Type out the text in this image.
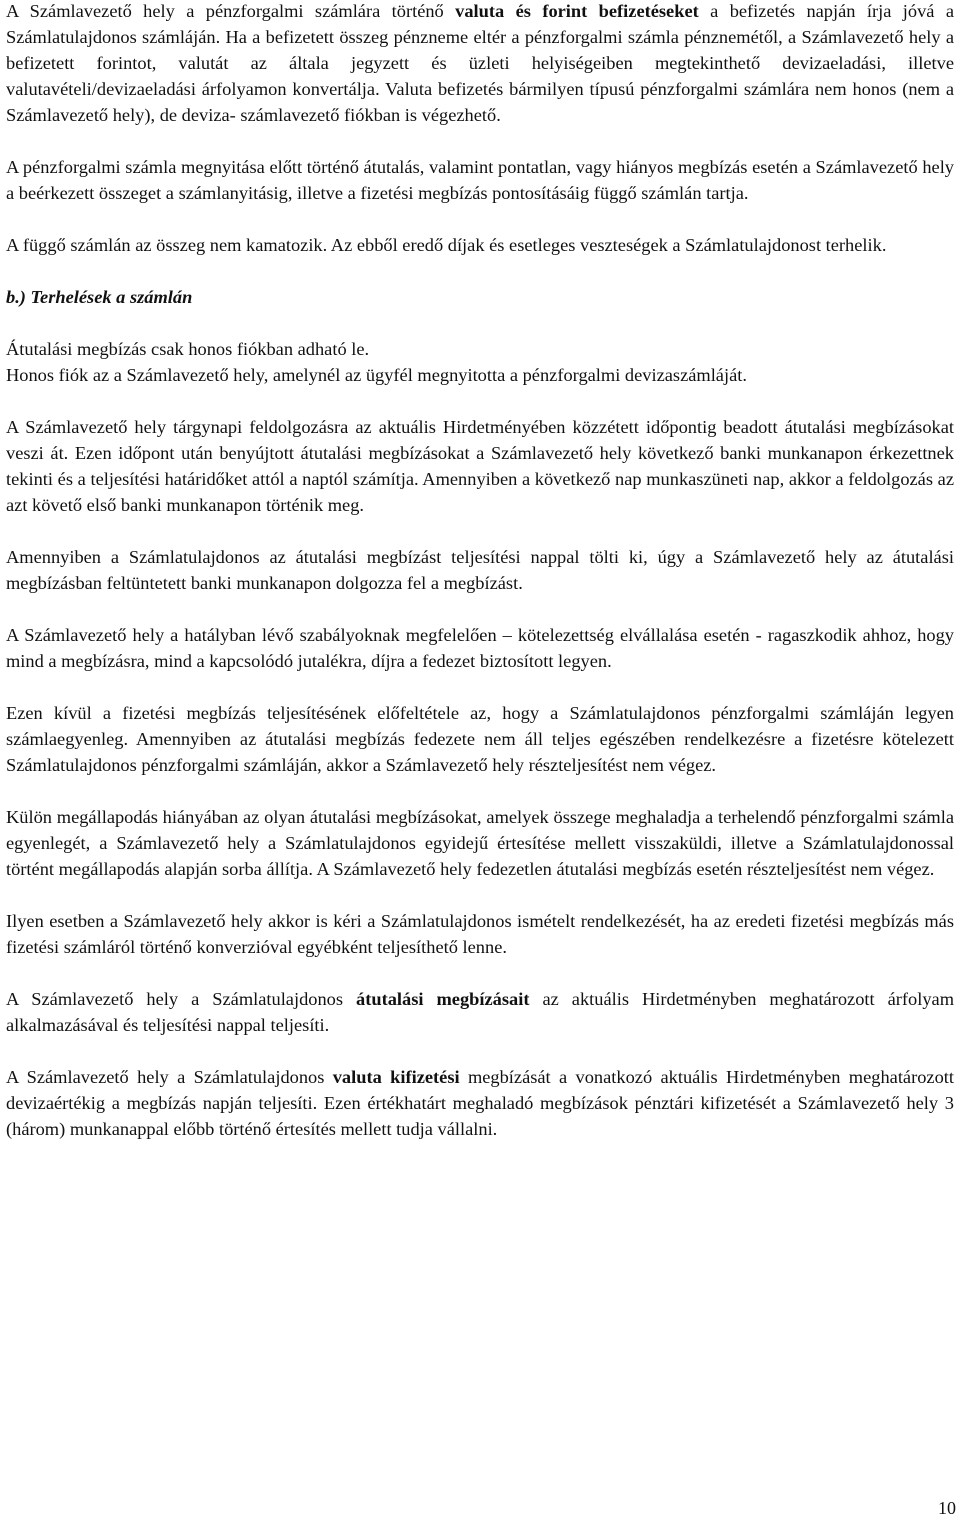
A Számlavezető hely a pénzforgalmi számlára történő valuta és forint befizetéseket a befizetés napján írja jóvá a Számlatulajdonos számláján. Ha a befizetett összeg pénzneme eltér a pénzforgalmi számla pénznemétől, a Számlavezető hely a befizetett forintot, valutát az általa jegyzett és üzleti helyiségeiben megtekinthető devizaeladási, illetve valutavételi/devizaeladási árfolyamon konvertálja. Valuta befizetés bármilyen típusú pénzforgalmi számlára nem honos (nem a Számlavezető hely), de deviza- számlavezető fiókban is végezhető.

A pénzforgalmi számla megnyitása előtt történő átutalás, valamint pontatlan, vagy hiányos megbízás esetén a Számlavezető hely a beérkezett összeget a számlanyitásig, illetve a fizetési megbízás pontosításáig függő számlán tartja.

A függő számlán az összeg nem kamatozik. Az ebből eredő díjak és esetleges veszteségek a Számlatulajdonost terhelik.

b.) Terhelések a számlán

Átutalási megbízás csak honos fiókban adható le.

Honos fiók az a Számlavezető hely, amelynél az ügyfél megnyitotta a pénzforgalmi devizaszámláját.

A Számlavezető hely tárgynapi feldolgozásra az aktuális Hirdetményében közzétett időpontig beadott átutalási megbízásokat veszi át. Ezen időpont után benyújtott átutalási megbízásokat a Számlavezető hely következő banki munkanapon érkezettnek tekinti és a teljesítési határidőket attól a naptól számítja. Amennyiben a következő nap munkaszüneti nap, akkor a feldolgozás az azt követő első banki munkanapon történik meg.

Amennyiben a Számlatulajdonos az átutalási megbízást teljesítési nappal tölti ki, úgy a Számlavezető hely az átutalási megbízásban feltüntetett banki munkanapon dolgozza fel a megbízást.

A Számlavezető hely a hatályban lévő szabályoknak megfelelően – kötelezettség elvállalása esetén - ragaszkodik ahhoz, hogy mind a megbízásra, mind a kapcsolódó jutalékra, díjra a fedezet biztosított legyen.

Ezen kívül a fizetési megbízás teljesítésének előfeltétele az, hogy a Számlatulajdonos pénzforgalmi számláján legyen számlaegyenleg. Amennyiben az átutalási megbízás fedezete nem áll teljes egészében rendelkezésre a fizetésre kötelezett Számlatulajdonos pénzforgalmi számláján, akkor a Számlavezető hely részteljesítést nem végez.

Külön megállapodás hiányában az olyan átutalási megbízásokat, amelyek összege meghaladja a terhelendő pénzforgalmi számla egyenlegét, a Számlavezető hely a Számlatulajdonos egyidejű értesítése mellett visszaküldi, illetve a Számlatulajdonossal történt megállapodás alapján sorba állítja. A Számlavezető hely fedezetlen átutalási megbízás esetén részteljesítést nem végez.

Ilyen esetben a Számlavezető hely akkor is kéri a Számlatulajdonos ismételt rendelkezését, ha az eredeti fizetési megbízás más fizetési számláról történő konverzióval egyébként teljesíthető lenne.

A Számlavezető hely a Számlatulajdonos átutalási megbízásait az aktuális Hirdetményben meghatározott árfolyam alkalmazásával és teljesítési nappal teljesíti.

A Számlavezető hely a Számlatulajdonos valuta kifizetési megbízását a vonatkozó aktuális Hirdetményben meghatározott devizaértékig a megbízás napján teljesíti. Ezen értékhatárt meghaladó megbízások pénztári kifizetését a Számlavezető hely 3 (három) munkanappal előbb történő értesítés mellett tudja vállalni.

10
